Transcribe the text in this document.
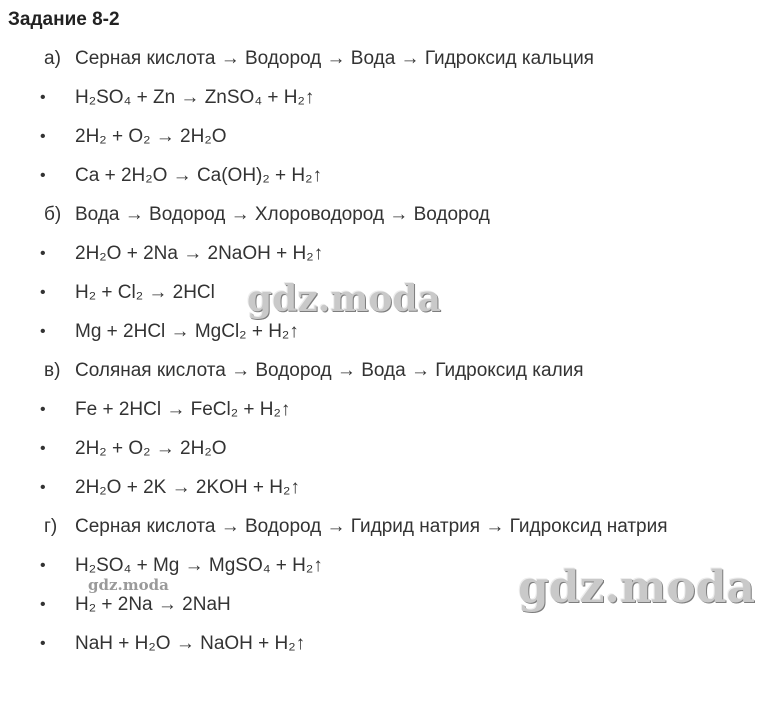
Задание 8-2
а) Серная кислота → Водород → Вода → Гидроксид кальция
• H₂SO₄ + Zn → ZnSO₄ + H₂↑
• 2H₂ + O₂ → 2H₂O
• Ca + 2H₂O → Ca(OH)₂ + H₂↑
б) Вода → Водород → Хлороводород → Водород
• 2H₂O + 2Na → 2NaOH + H₂↑
• H₂ + Cl₂ → 2HCl
• Mg + 2HCl → MgCl₂ + H₂↑
в) Соляная кислота → Водород → Вода → Гидроксид калия
• Fe + 2HCl → FeCl₂ + H₂↑
• 2H₂ + O₂ → 2H₂O
• 2H₂O + 2K → 2KOH + H₂↑
г) Серная кислота → Водород → Гидрид натрия → Гидроксид натрия
• H₂SO₄ + Mg → MgSO₄ + H₂↑
• H₂ + 2Na → 2NaH
• NaH + H₂O → NaOH + H₂↑
gdz.moda
gdz.moda	gdz.moda
